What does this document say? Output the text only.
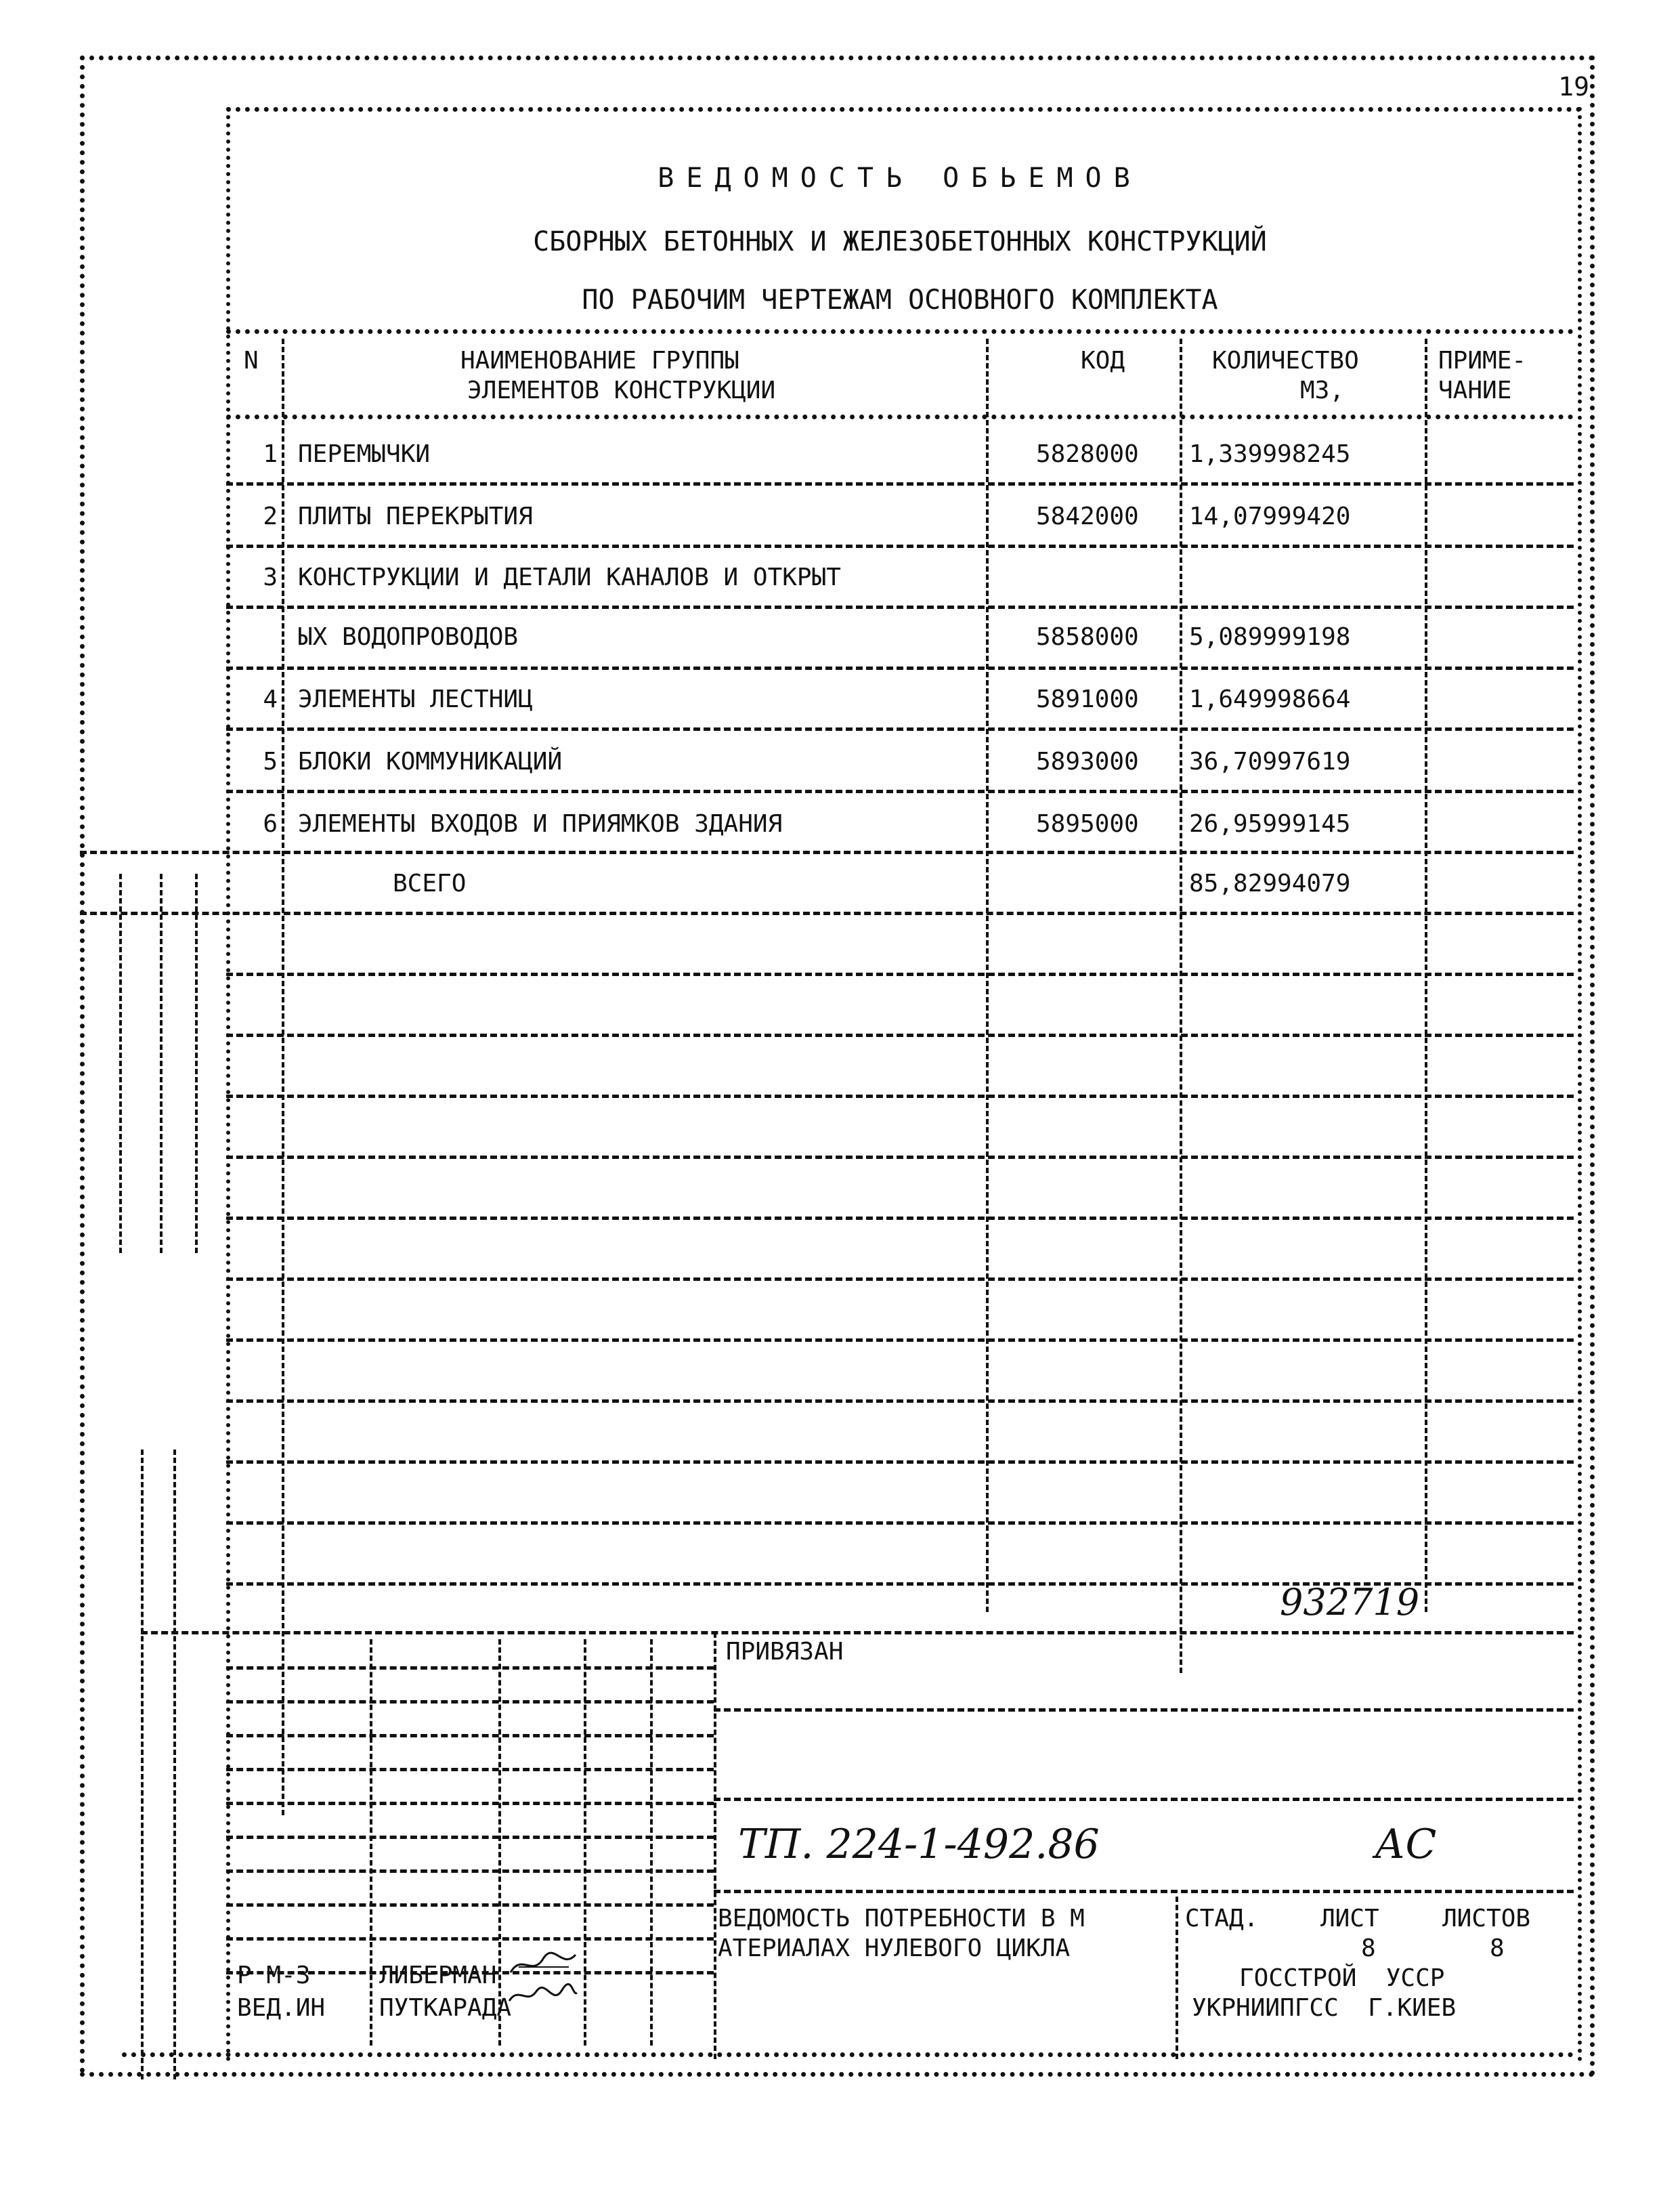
19
ВЕДОМОСТЬ ОБЬЕМОВ
СБОРНЫХ БЕТОННЫХ И ЖЕЛЕЗОБЕТОННЫХ КОНСТРУКЦИЙ
ПО РАБОЧИМ ЧЕРТЕЖАМ ОСНОВНОГО КОМПЛЕКТА
N	НАИМЕНОВАНИЕ ГРУППЫ
ЭЛЕМЕНТОВ КОНСТРУКЦИИ
КОД	КОЛИЧЕСТВО
М3,
ПРИМЕ-
ЧАНИЕ
1 ПЕРЕМЫЧКИ	5828000 1,339998245
2 ПЛИТЫ ПЕРЕКРЫТИЯ	5842000 14,07999420
3 КОНСТРУКЦИИ И ДЕТАЛИ КАНАЛОВ И ОТКРЫТ
ЫХ ВОДОПРОВОДОВ	5858000 5,089999198
4 ЭЛЕМЕНТЫ ЛЕСТНИЦ	5891000 1,649998664
5 БЛОКИ КОММУНИКАЦИЙ	5893000 36,70997619
6 ЭЛЕМЕНТЫ ВХОДОВ И ПРИЯМКОВ ЗДАНИЯ	5895000 26,95999145
ВСЕГО	85,82994079
932719
ПРИВЯЗАН
ТП. 224-1-492.86	АС
ВЕДОМОСТЬ ПОТРЕБНОСТИ В М
АТЕРИАЛАХ НУЛЕВОГО ЦИКЛА
СТАД.	ЛИСТ	ЛИСТОВ
8	8
ГОССТРОЙ  УССР
УКРНИИПГСС  Г.КИЕВ
Р М-З	ЛИБЕРМАН
ВЕД.ИН ПУТКАРАДА
